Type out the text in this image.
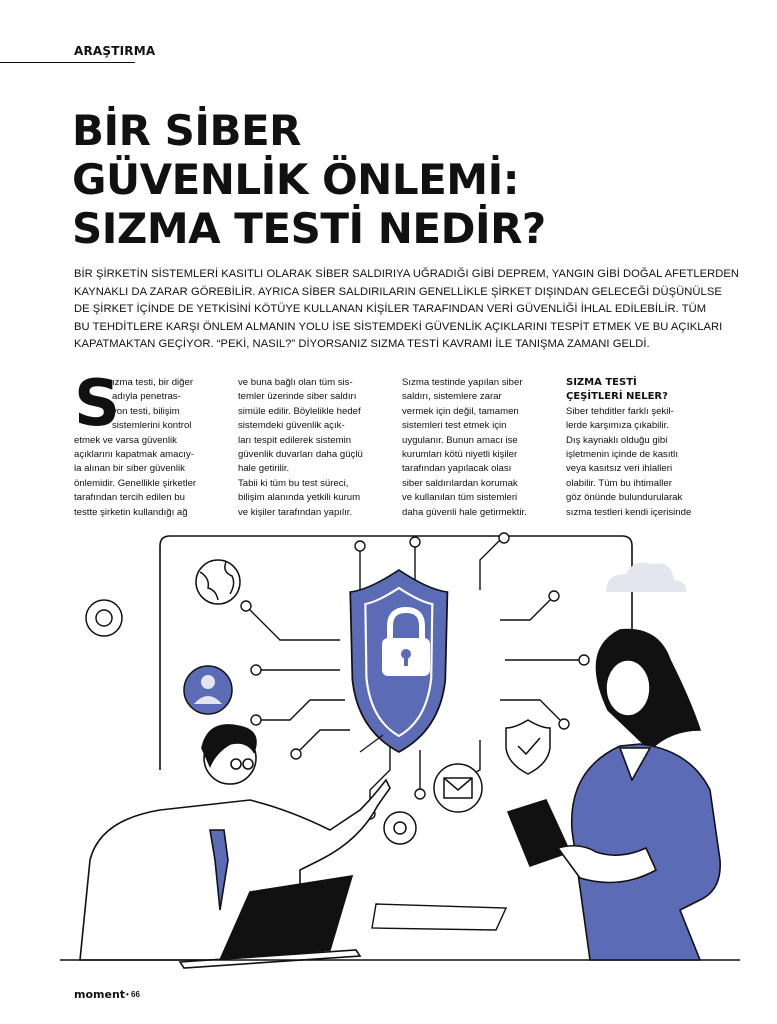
ARAŞTIRMA
BİR SİBER
GÜVENLİK ÖNLEMİ:
SIZMA TESTİ NEDİR?
BİR ŞİRKETİN SİSTEMLERİ KASITLI OLARAK SİBER SALDIRIYA UĞRADIĞI GİBİ DEPREM, YANGIN GİBİ DOĞAL AFETLERDEN
KAYNAKLI DA ZARAR GÖREBİLİR. AYRICA SİBER SALDIRILARIN GENELLİKLE ŞİRKET DIŞINDAN GELECEĞİ DÜŞÜNÜLSE
DE ŞİRKET İÇİNDE DE YETKİSİNİ KÖTÜYE KULLANAN KİŞİLER TARAFINDAN VERİ GÜVENLİĞİ İHLAL EDİLEBİLİR. TÜM
BU TEHDİTLERE KARŞI ÖNLEM ALMANIN YOLU İSE SİSTEMDEKİ GÜVENLİK AÇIKLARINI TESPİT ETMEK VE BU AÇIKLARI
KAPATMAKTAN GEÇİYOR. “PEKİ, NASIL?” DİYORSANIZ SIZMA TESTİ KAVRAMI İLE TANIŞMA ZAMANI GELDİ.
S
ızma testi, bir diğer
adıyla penetras-
yon testi, bilişim
sistemlerini kontrol
etmek ve varsa güvenlik
açıklarını kapatmak amacıy-
la alınan bir siber güvenlik
önlemidir. Genellikle şirketler
tarafından tercih edilen bu
testte şirketin kullandığı ağ
ve buna bağlı olan tüm sis-
temler üzerinde siber saldırı
simüle edilir. Böylelikle hedef
sistemdeki güvenlik açık-
ları tespit edilerek sistemin
güvenlik duvarları daha güçlü
hale getirilir.
Tabii ki tüm bu test süreci,
bilişim alanında yetkili kurum
ve kişiler tarafından yapılır.
Sızma testinde yapılan siber
saldırı, sistemlere zarar
vermek için değil, tamamen
sistemleri test etmek için
uygulanır. Bunun amacı ise
kurumları kötü niyetli kişiler
tarafından yapılacak olası
siber saldırılardan korumak
ve kullanılan tüm sistemleri
daha güvenli hale getirmektir.
SIZMA TESTİ
ÇEŞİTLERİ NELER?
Siber tehditler farklı şekil-
lerde karşımıza çıkabilir.
Dış kaynaklı olduğu gibi
işletmenin içinde de kasıtlı
veya kasıtsız veri ihlalleri
olabilir. Tüm bu ihtimaller
göz önünde bulundurularak
sızma testleri kendi içerisinde
moment • 66
